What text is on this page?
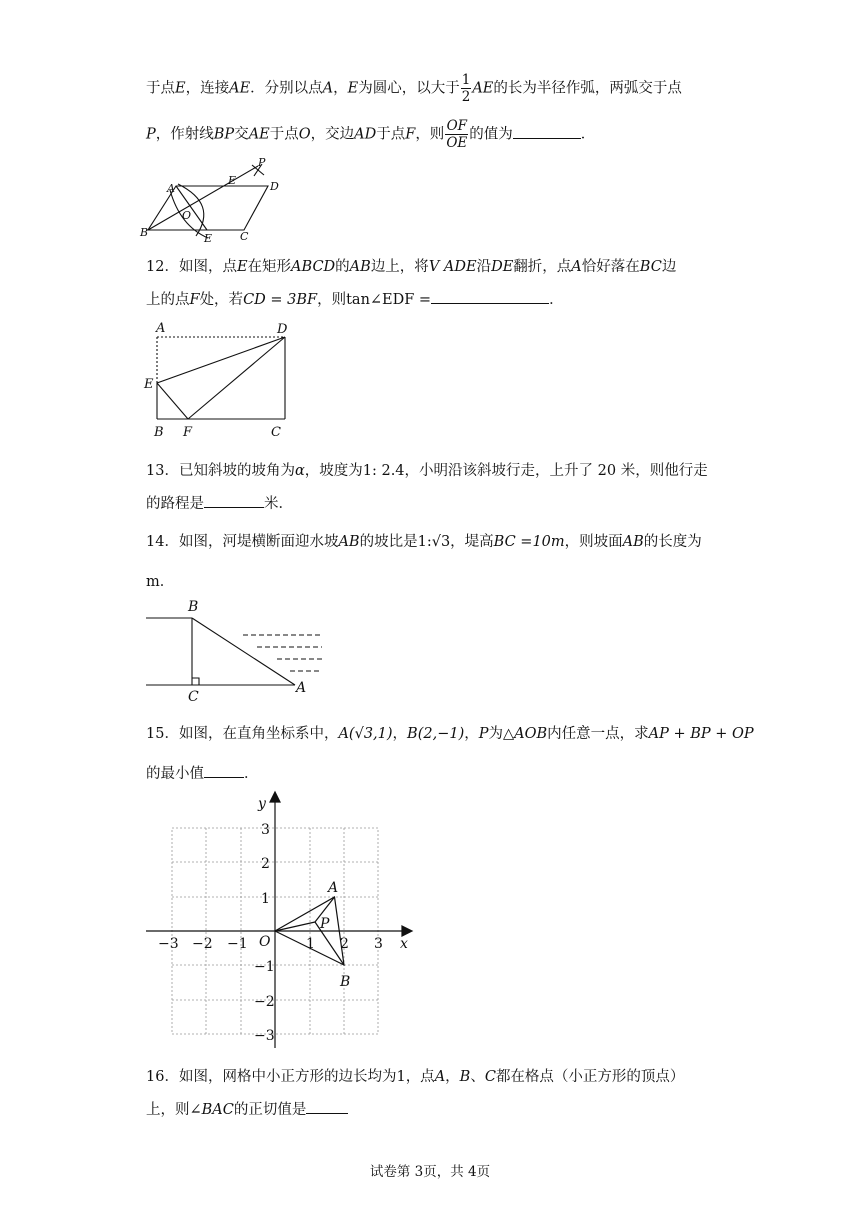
于点E，连接AE．分别以点A，E为圆心，以大于 $\frac{1}{2}$ AE的长为半径作弧，两弧交于点
P，作射线BP交AE于点O，交边AD于点F，则 $\frac{OF}{OE}$ 的值为	．
A
B
E	D
P
O
E	C
12．如图，点E在矩形ABCD的AB边上，将V ADE沿DE翻折，点A恰好落在BC边
上的点F处，若CD = 3BF，则tan∠EDF =	．
A	D
E
B F	C
13．已知斜坡的坡角为α，坡度为1: 2.4，小明沿该斜坡行走，上升了 20 米，则他行走
的路程是	米．
14．如图，河堤横断面迎水坡AB的坡比是1:√3，堤高BC =10m，则坡面AB的长度为
m．
B
C
A
15．如图，在直角坐标系中，A(√3,1)，B(2,−1)，P为△AOB内任意一点，求AP + BP + OP
的最小值	．
y
x
O
A
B
P
−3 −2 −1	1 2 3
3
2
1
−1
−2
−3
16．如图，网格中小正方形的边长均为1，点A，B、C都在格点（小正方形的顶点）
上，则∠BAC的正切值是
试卷第 3页，共 4页
